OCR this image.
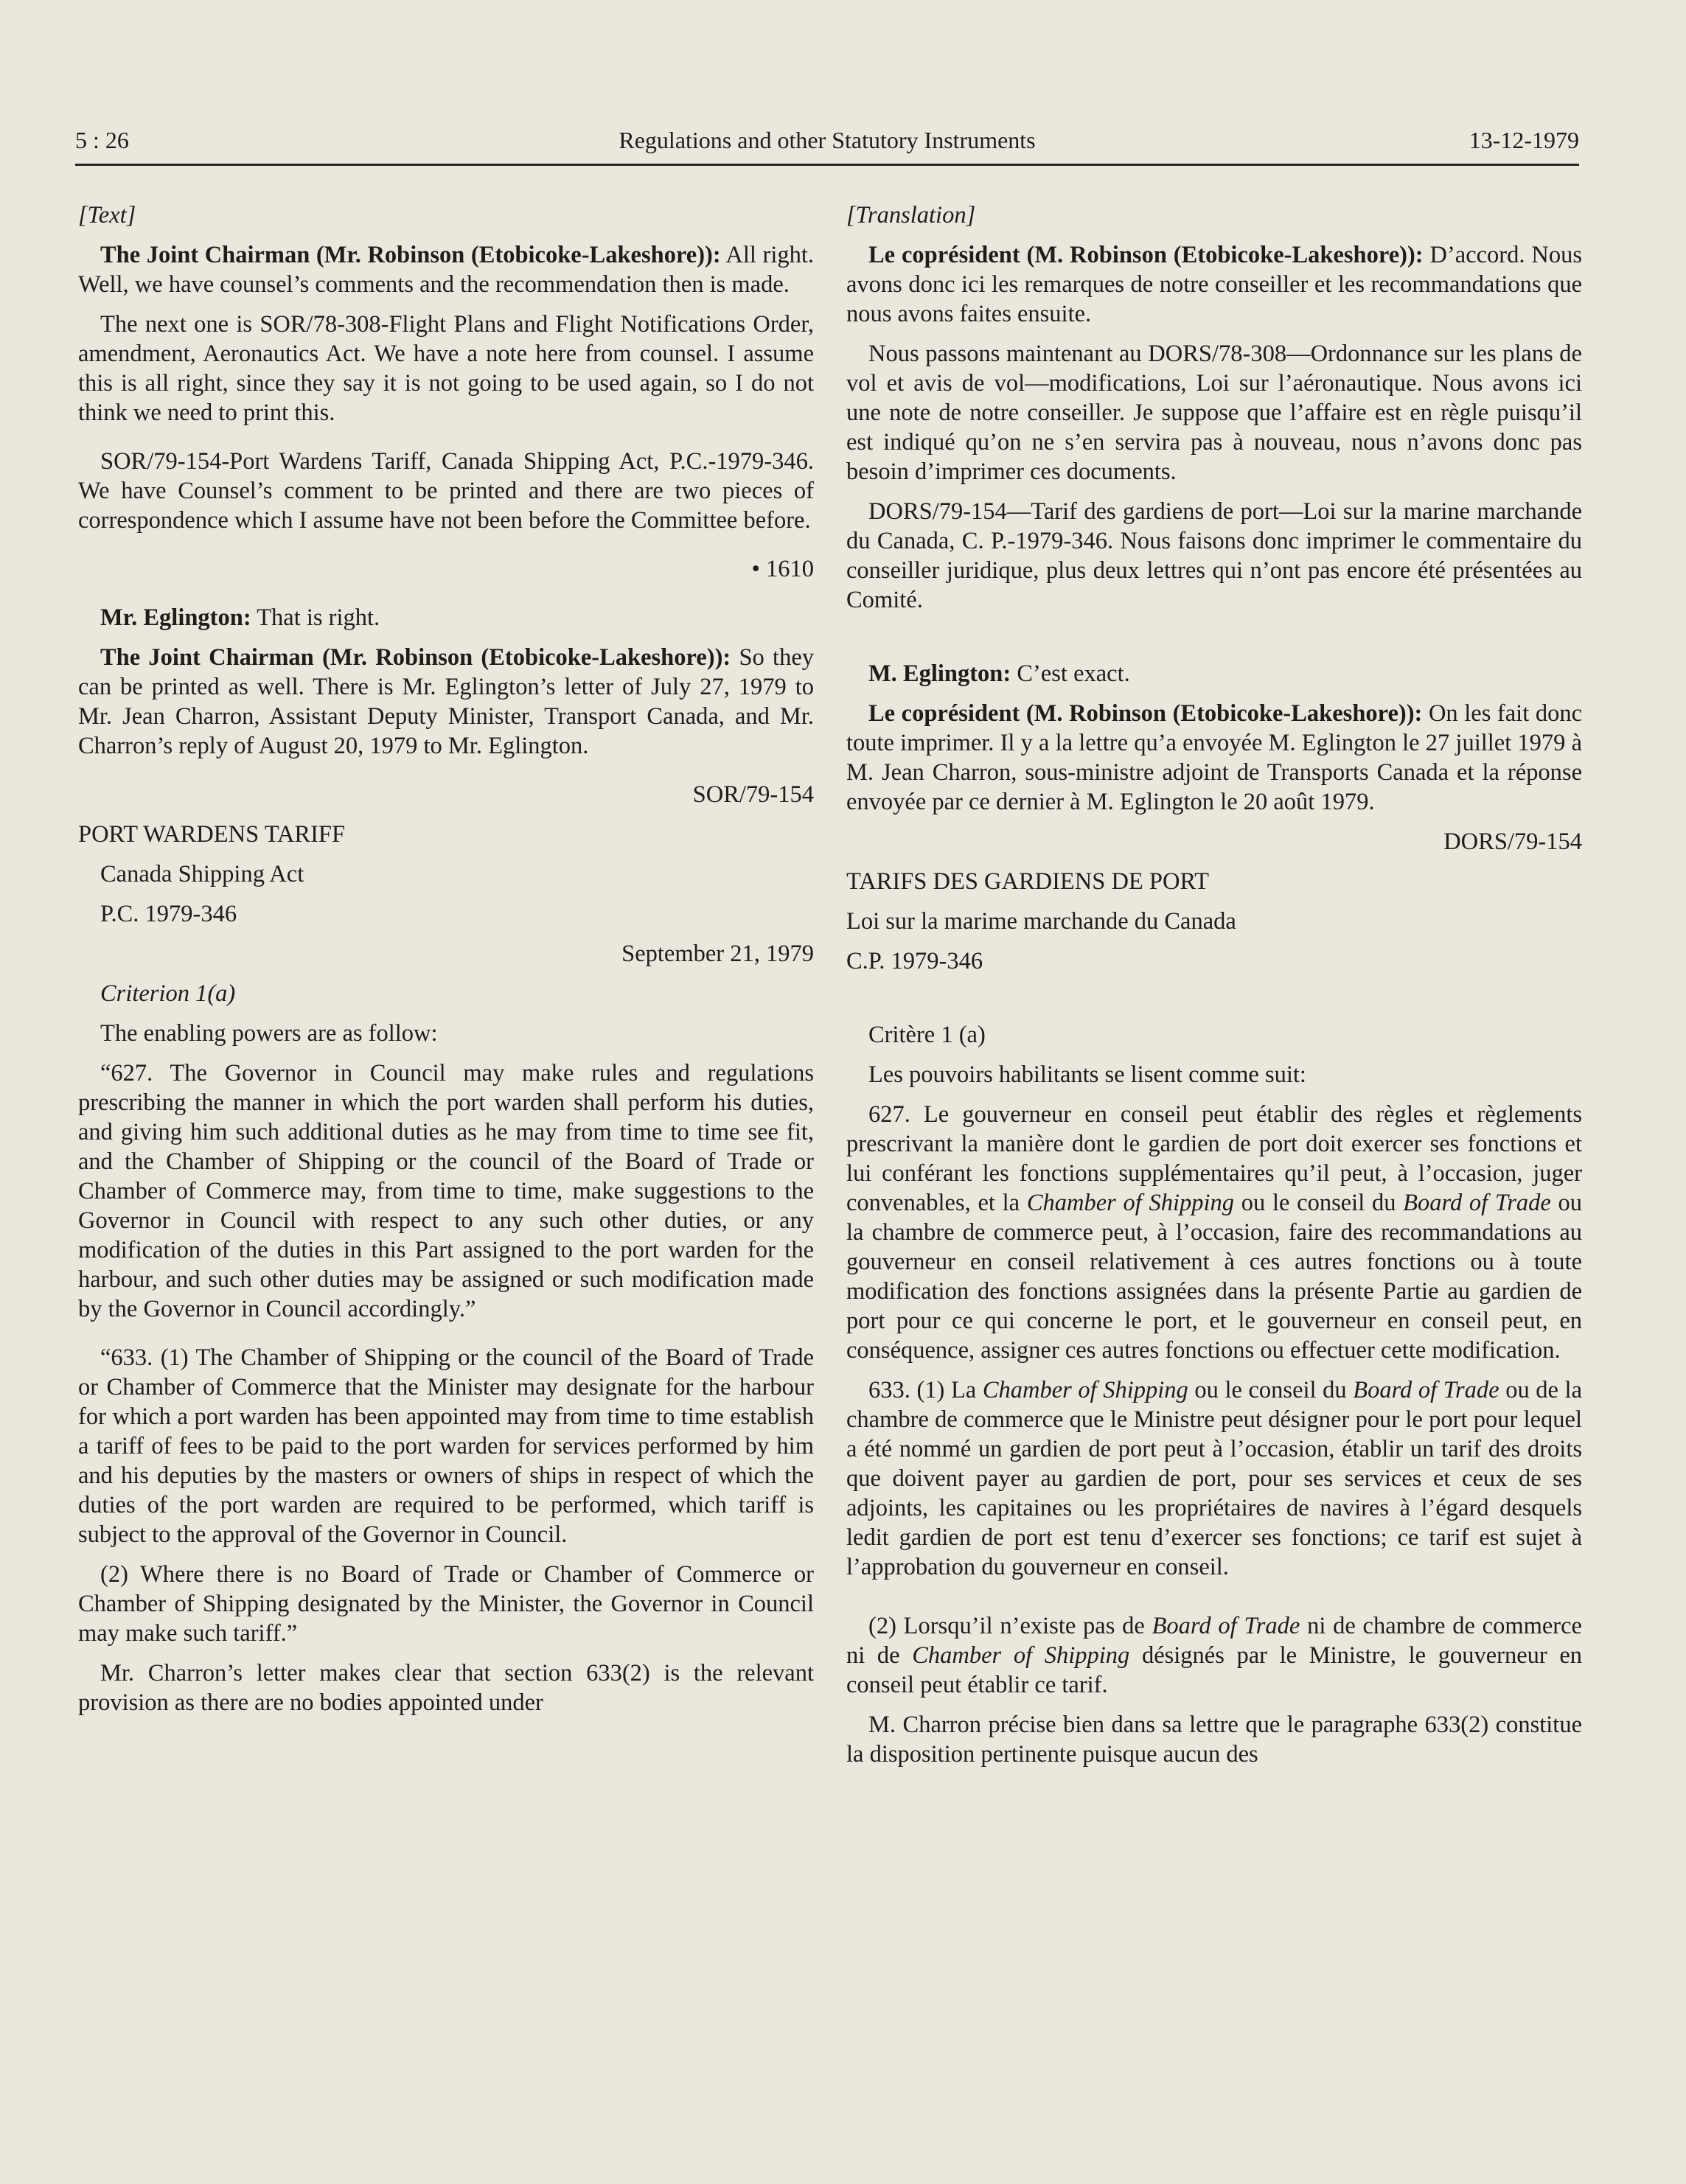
5 : 26	Regulations and other Statutory Instruments	13-12-1979

[Text]

The Joint Chairman (Mr. Robinson (Etobicoke-Lakeshore)): All right. Well, we have counsel’s comments and the recommendation then is made.

The next one is SOR/78-308-Flight Plans and Flight Notifications Order, amendment, Aeronautics Act. We have a note here from counsel. I assume this is all right, since they say it is not going to be used again, so I do not think we need to print this.

SOR/79-154-Port Wardens Tariff, Canada Shipping Act, P.C.-1979-346. We have Counsel’s comment to be printed and there are two pieces of correspondence which I assume have not been before the Committee before.

• 1610

Mr. Eglington: That is right.

The Joint Chairman (Mr. Robinson (Etobicoke-Lakeshore)): So they can be printed as well. There is Mr. Eglington’s letter of July 27, 1979 to Mr. Jean Charron, Assistant Deputy Minister, Transport Canada, and Mr. Charron’s reply of August 20, 1979 to Mr. Eglington.

SOR/79-154

PORT WARDENS TARIFF

Canada Shipping Act

P.C. 1979-346

September 21, 1979

Criterion 1(a)

The enabling powers are as follow:

“627. The Governor in Council may make rules and regulations prescribing the manner in which the port warden shall perform his duties, and giving him such additional duties as he may from time to time see fit, and the Chamber of Shipping or the council of the Board of Trade or Chamber of Commerce may, from time to time, make suggestions to the Governor in Council with respect to any such other duties, or any modification of the duties in this Part assigned to the port warden for the harbour, and such other duties may be assigned or such modification made by the Governor in Council accordingly.”

“633. (1) The Chamber of Shipping or the council of the Board of Trade or Chamber of Commerce that the Minister may designate for the harbour for which a port warden has been appointed may from time to time establish a tariff of fees to be paid to the port warden for services performed by him and his deputies by the masters or owners of ships in respect of which the duties of the port warden are required to be performed, which tariff is subject to the approval of the Governor in Council.

(2) Where there is no Board of Trade or Chamber of Commerce or Chamber of Shipping designated by the Minister, the Governor in Council may make such tariff.”

Mr. Charron’s letter makes clear that section 633(2) is the relevant provision as there are no bodies appointed under

[Translation]

Le coprésident (M. Robinson (Etobicoke-Lakeshore)): D’accord. Nous avons donc ici les remarques de notre conseiller et les recommandations que nous avons faites ensuite.

Nous passons maintenant au DORS/78-308—Ordonnance sur les plans de vol et avis de vol—modifications, Loi sur l’aéronautique. Nous avons ici une note de notre conseiller. Je suppose que l’affaire est en règle puisqu’il est indiqué qu’on ne s’en servira pas à nouveau, nous n’avons donc pas besoin d’imprimer ces documents.

DORS/79-154—Tarif des gardiens de port—Loi sur la marine marchande du Canada, C. P.-1979-346. Nous faisons donc imprimer le commentaire du conseiller juridique, plus deux lettres qui n’ont pas encore été présentées au Comité.

M. Eglington: C’est exact.

Le coprésident (M. Robinson (Etobicoke-Lakeshore)): On les fait donc toute imprimer. Il y a la lettre qu’a envoyée M. Eglington le 27 juillet 1979 à M. Jean Charron, sous-ministre adjoint de Transports Canada et la réponse envoyée par ce dernier à M. Eglington le 20 août 1979.

DORS/79-154

TARIFS DES GARDIENS DE PORT

Loi sur la marime marchande du Canada

C.P. 1979-346

Critère 1 (a)

Les pouvoirs habilitants se lisent comme suit:

627. Le gouverneur en conseil peut établir des règles et règlements prescrivant la manière dont le gardien de port doit exercer ses fonctions et lui conférant les fonctions supplémentaires qu’il peut, à l’occasion, juger convenables, et la Chamber of Shipping ou le conseil du Board of Trade ou la chambre de commerce peut, à l’occasion, faire des recommandations au gouverneur en conseil relativement à ces autres fonctions ou à toute modification des fonctions assignées dans la présente Partie au gardien de port pour ce qui concerne le port, et le gouverneur en conseil peut, en conséquence, assigner ces autres fonctions ou effectuer cette modification.

633. (1) La Chamber of Shipping ou le conseil du Board of Trade ou de la chambre de commerce que le Ministre peut désigner pour le port pour lequel a été nommé un gardien de port peut à l’occasion, établir un tarif des droits que doivent payer au gardien de port, pour ses services et ceux de ses adjoints, les capitaines ou les propriétaires de navires à l’égard desquels ledit gardien de port est tenu d’exercer ses fonctions; ce tarif est sujet à l’approbation du gouverneur en conseil.

(2) Lorsqu’il n’existe pas de Board of Trade ni de chambre de commerce ni de Chamber of Shipping désignés par le Ministre, le gouverneur en conseil peut établir ce tarif.

M. Charron précise bien dans sa lettre que le paragraphe 633(2) constitue la disposition pertinente puisque aucun des
